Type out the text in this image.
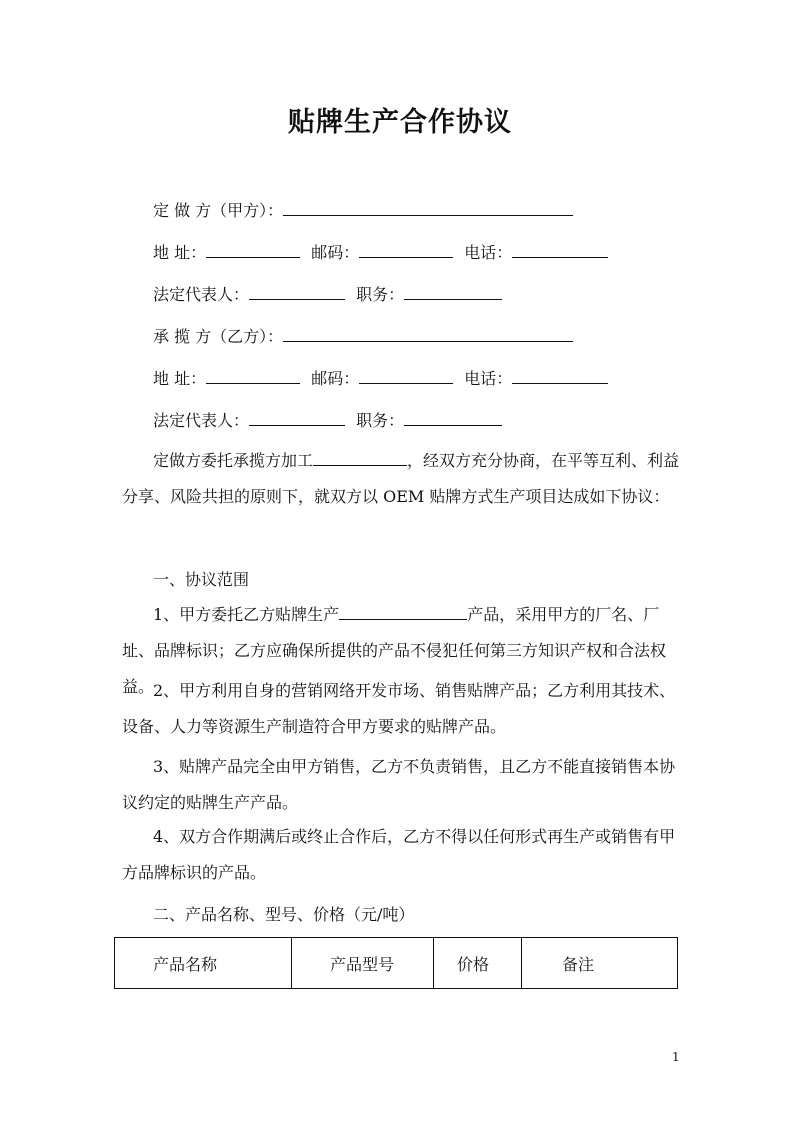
贴牌生产合作协议
定 做 方（甲方）：
地 址：	邮码：	电话：
法定代表人：	职务：
承 揽 方（乙方）：
地 址：	邮码：	电话：
法定代表人：	职务：

定做方委托承揽方加工	，经双方充分协商，在平等互利、利益分享、风险共担的原则下，就双方以 OEM 贴牌方式生产项目达成如下协议：

一、协议范围

1、甲方委托乙方贴牌生产	产品，采用甲方的厂名、厂址、品牌标识；乙方应确保所提供的产品不侵犯任何第三方知识产权和合法权益。

2、甲方利用自身的营销网络开发市场、销售贴牌产品；乙方利用其技术、设备、人力等资源生产制造符合甲方要求的贴牌产品。

3、贴牌产品完全由甲方销售，乙方不负责销售，且乙方不能直接销售本协议约定的贴牌生产产品。

4、双方合作期满后或终止合作后，乙方不得以任何形式再生产或销售有甲方品牌标识的产品。

二、产品名称、型号、价格（元/吨）
产品名称	产品型号	价格	备注
1
